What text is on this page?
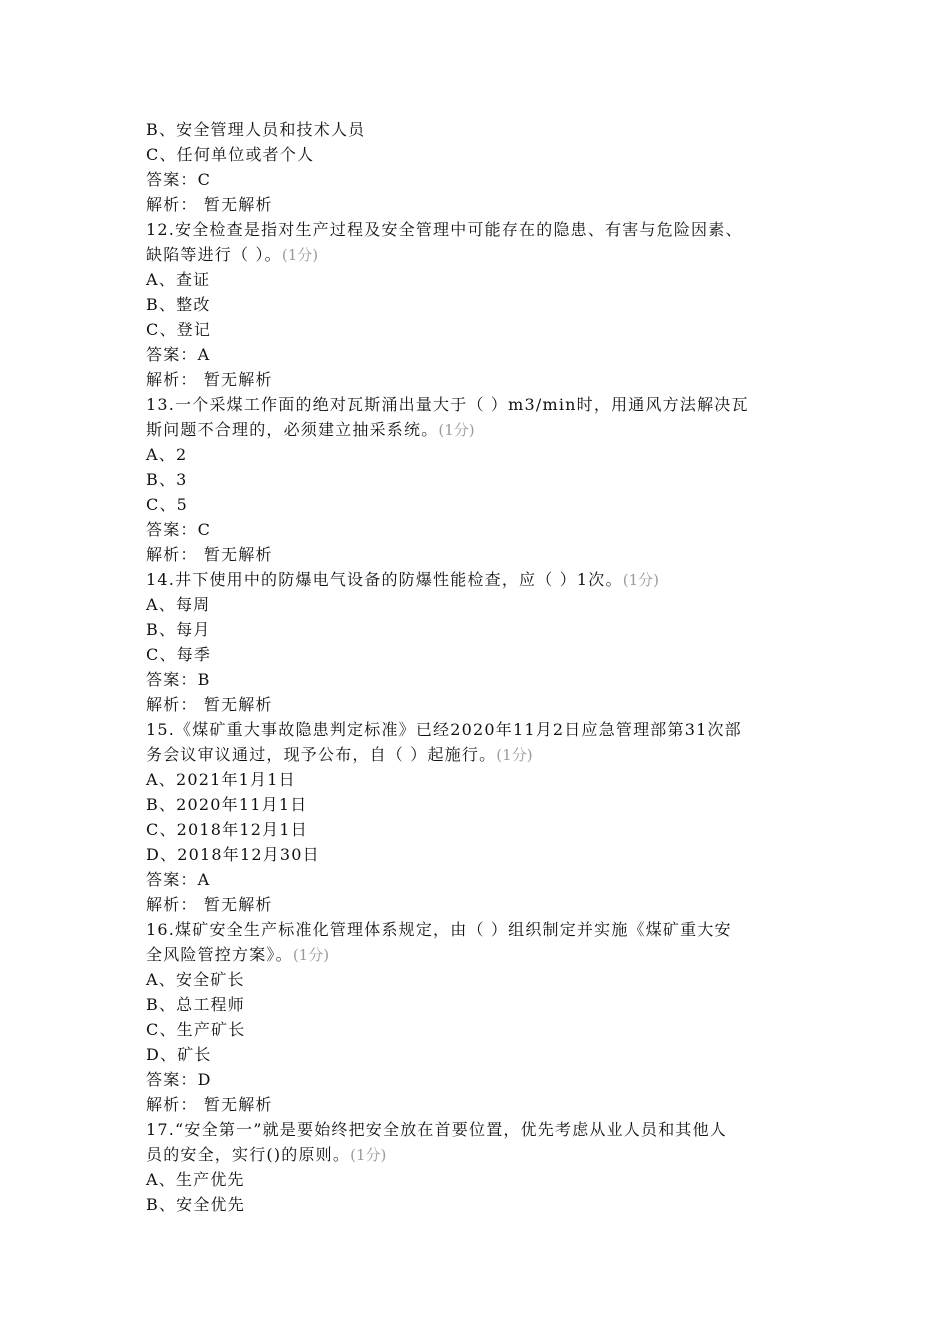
B、安全管理人员和技术人员
C、任何单位或者个人
答案：C
解析： 暂无解析
12.安全检查是指对生产过程及安全管理中可能存在的隐患、有害与危险因素、
缺陷等进行（ ）。(1分)
A、查证
B、整改
C、登记
答案：A
解析： 暂无解析
13.一个采煤工作面的绝对瓦斯涌出量大于（ ）m3/min时，用通风方法解决瓦
斯问题不合理的，必须建立抽采系统。(1分)
A、2
B、3
C、5
答案：C
解析： 暂无解析
14.井下使用中的防爆电气设备的防爆性能检查，应（ ）1次。(1分)
A、每周
B、每月
C、每季
答案：B
解析： 暂无解析
15.《煤矿重大事故隐患判定标准》已经2020年11月2日应急管理部第31次部
务会议审议通过，现予公布，自（ ）起施行。(1分)
A、2021年1月1日
B、2020年11月1日
C、2018年12月1日
D、2018年12月30日
答案：A
解析： 暂无解析
16.煤矿安全生产标准化管理体系规定，由（ ）组织制定并实施《煤矿重大安
全风险管控方案》。(1分)
A、安全矿长
B、总工程师
C、生产矿长
D、矿长
答案：D
解析： 暂无解析
17.“安全第一”就是要始终把安全放在首要位置，优先考虑从业人员和其他人
员的安全，实行()的原则。(1分)
A、生产优先
B、安全优先
